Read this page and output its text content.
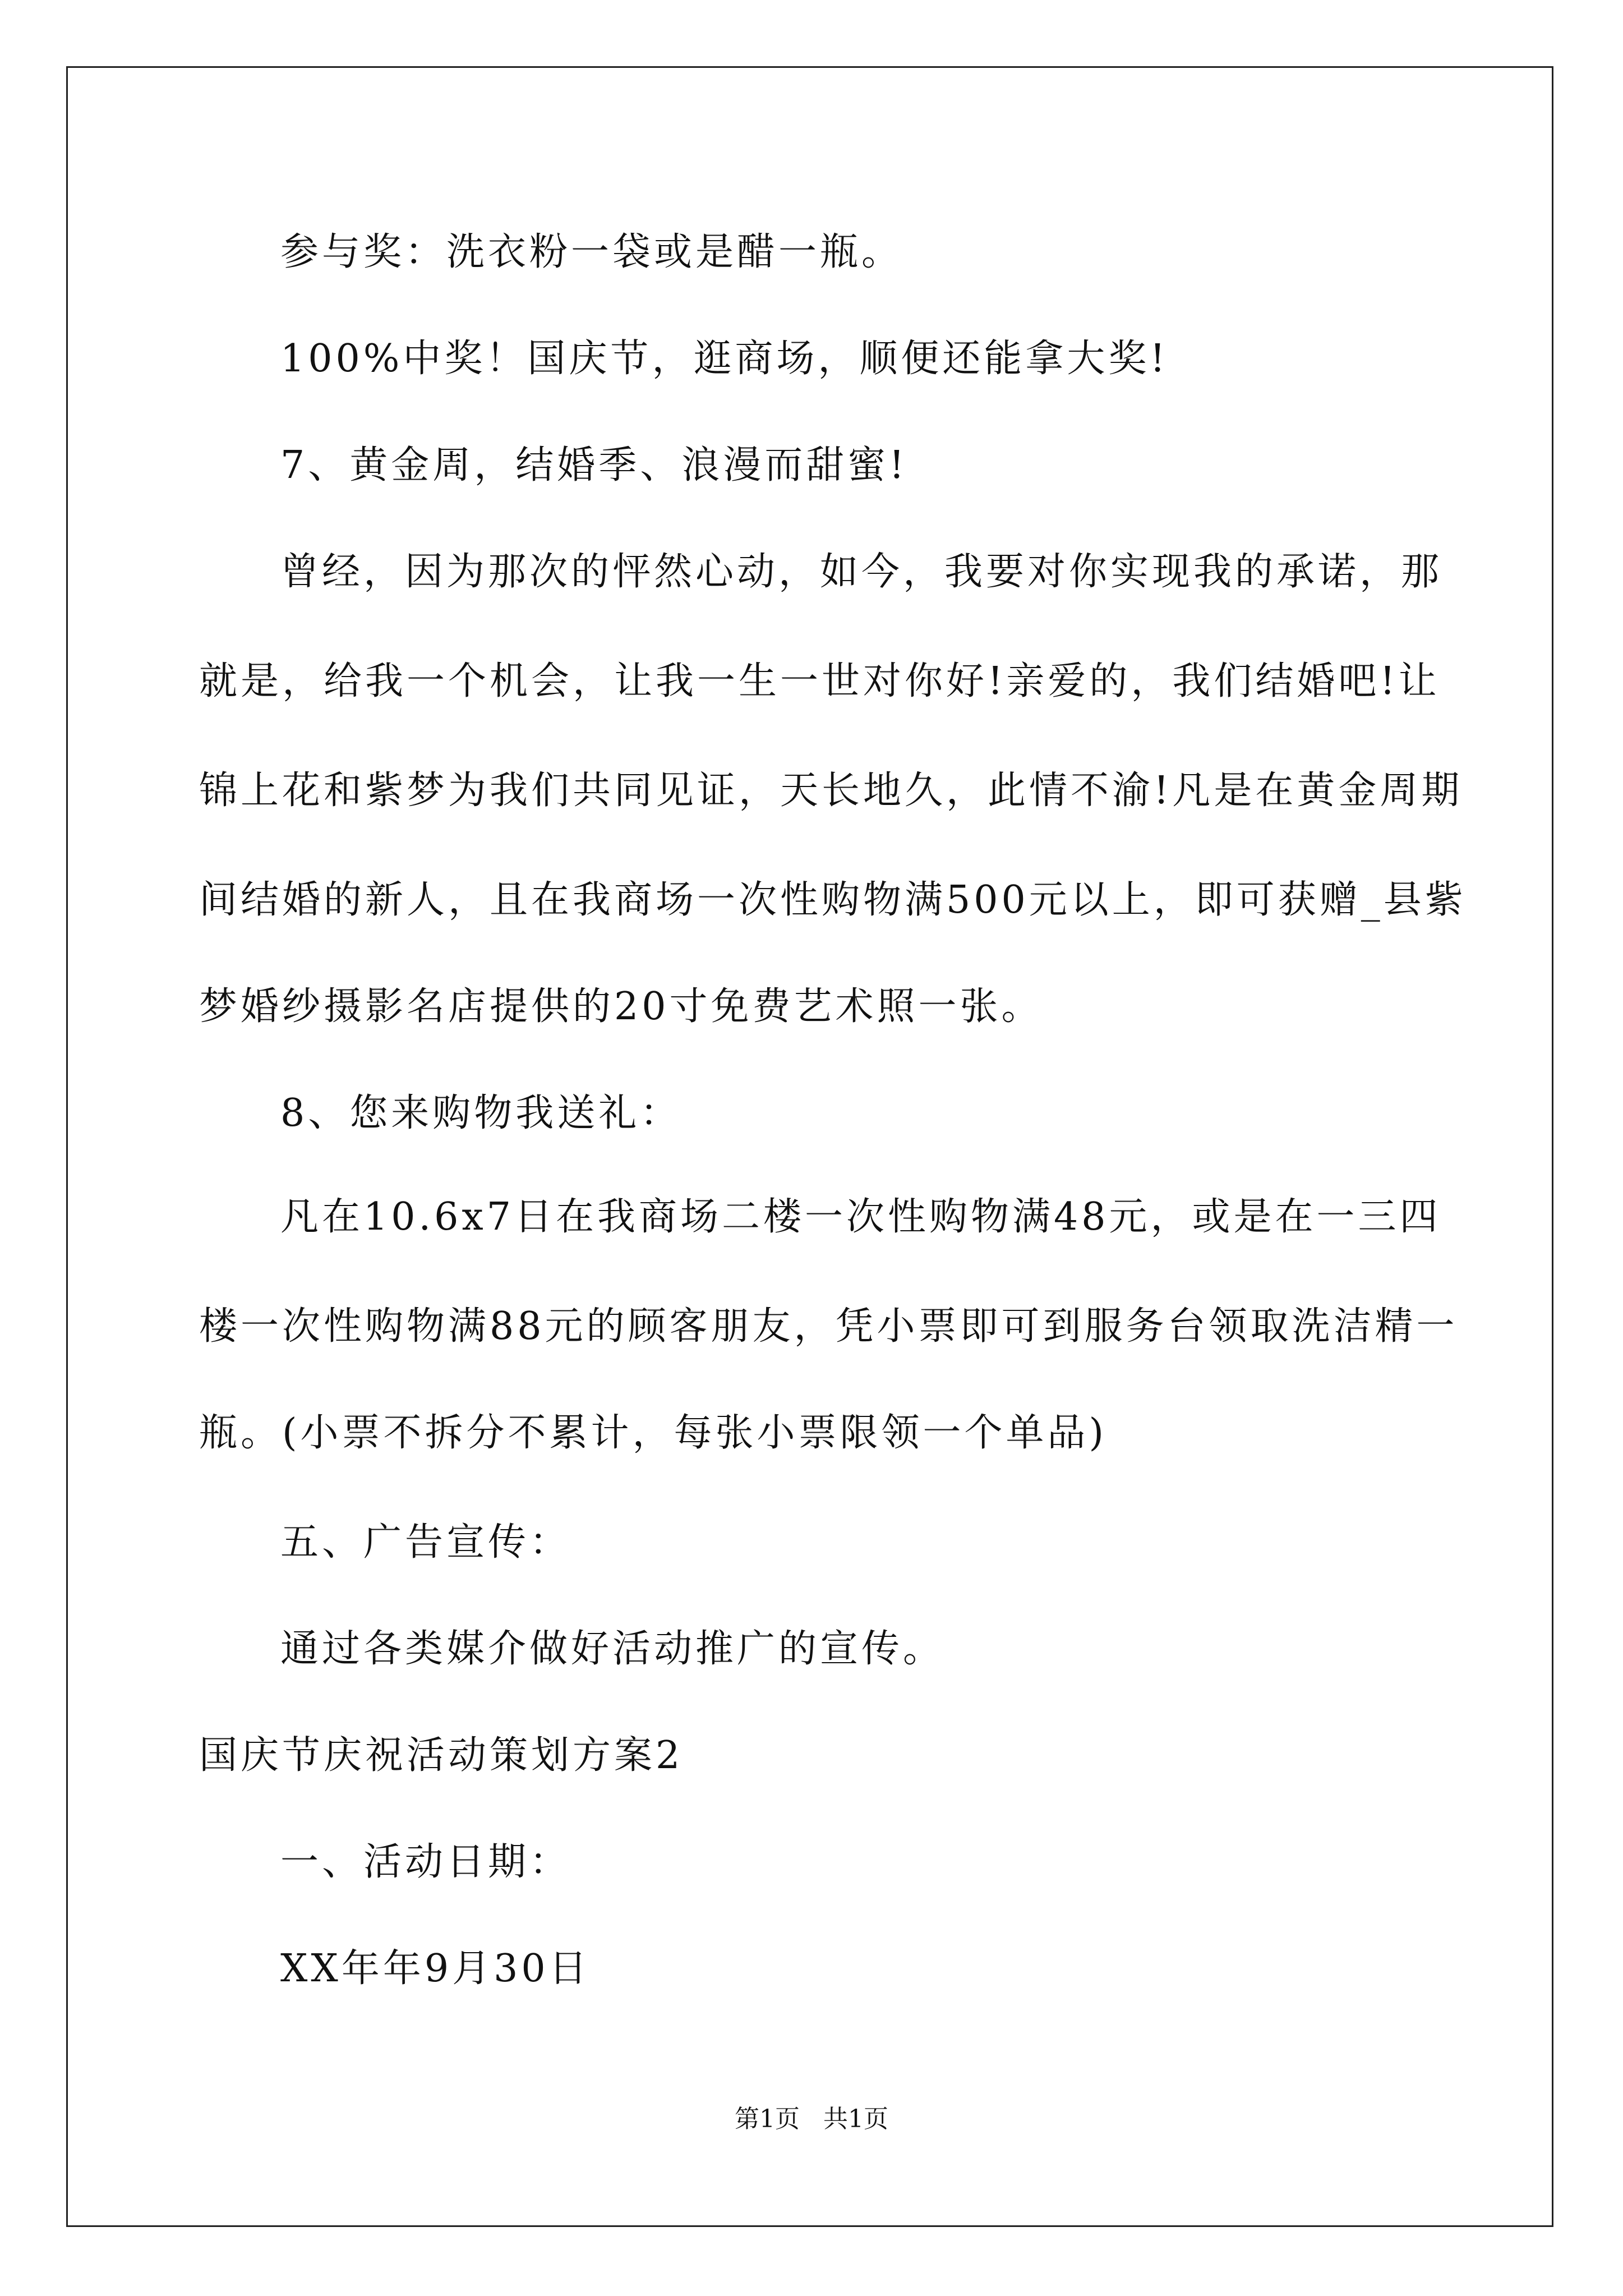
参与奖：洗衣粉一袋或是醋一瓶。
100%中奖！国庆节，逛商场，顺便还能拿大奖!
7、黄金周，结婚季、浪漫而甜蜜!
曾经，因为那次的怦然心动，如今，我要对你实现我的承诺，那
就是，给我一个机会，让我一生一世对你好!亲爱的，我们结婚吧!让
锦上花和紫梦为我们共同见证，天长地久，此情不渝!凡是在黄金周期
间结婚的新人，且在我商场一次性购物满500元以上，即可获赠_县紫
梦婚纱摄影名店提供的20寸免费艺术照一张。
8、您来购物我送礼：
凡在10.6x7日在我商场二楼一次性购物满48元，或是在一三四
楼一次性购物满88元的顾客朋友，凭小票即可到服务台领取洗洁精一
瓶。(小票不拆分不累计，每张小票限领一个单品)
五、广告宣传：
通过各类媒介做好活动推广的宣传。
国庆节庆祝活动策划方案2
一、活动日期：
XX年年9月30日
第1页   共1页
